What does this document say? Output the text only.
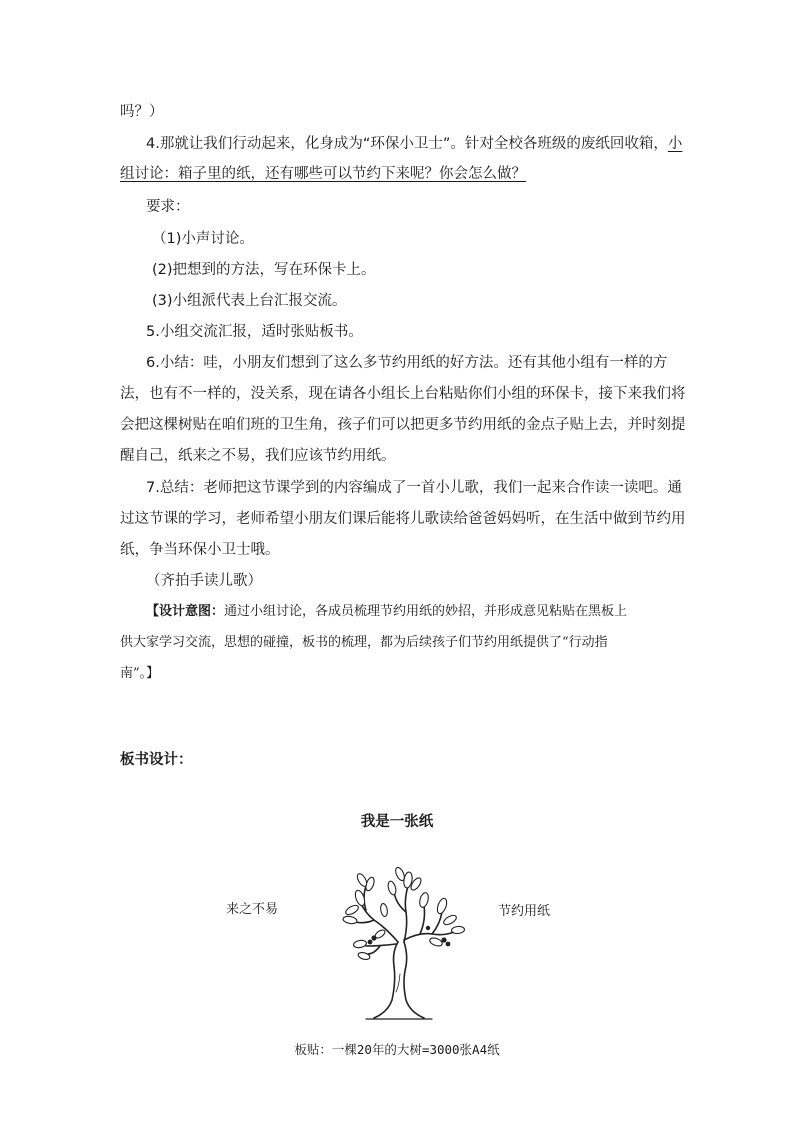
吗？）
4.那就让我们行动起来，化身成为“环保小卫士”。针对全校各班级的废纸回收箱，小
组讨论：箱子里的纸，还有哪些可以节约下来呢？你会怎么做？
要求：
（1)小声讨论。
(2)把想到的方法，写在环保卡上。
(3)小组派代表上台汇报交流。
5.小组交流汇报，适时张贴板书。
6.小结：哇，小朋友们想到了这么多节约用纸的好方法。还有其他小组有一样的方
法，也有不一样的，没关系，现在请各小组长上台粘贴你们小组的环保卡，接下来我们将
会把这棵树贴在咱们班的卫生角，孩子们可以把更多节约用纸的金点子贴上去，并时刻提
醒自己，纸来之不易，我们应该节约用纸。
7.总结：老师把这节课学到的内容编成了一首小儿歌，我们一起来合作读一读吧。通
过这节课的学习，老师希望小朋友们课后能将儿歌读给爸爸妈妈听，在生活中做到节约用
纸，争当环保小卫士哦。
（齐拍手读儿歌）
【设计意图：通过小组讨论，各成员梳理节约用纸的妙招，并形成意见粘贴在黑板上
供大家学习交流，思想的碰撞，板书的梳理，都为后续孩子们节约用纸提供了“行动指
南”。】
板书设计：
我是一张纸
来之不易	节约用纸
板贴：一棵20年的大树=3000张A4纸
